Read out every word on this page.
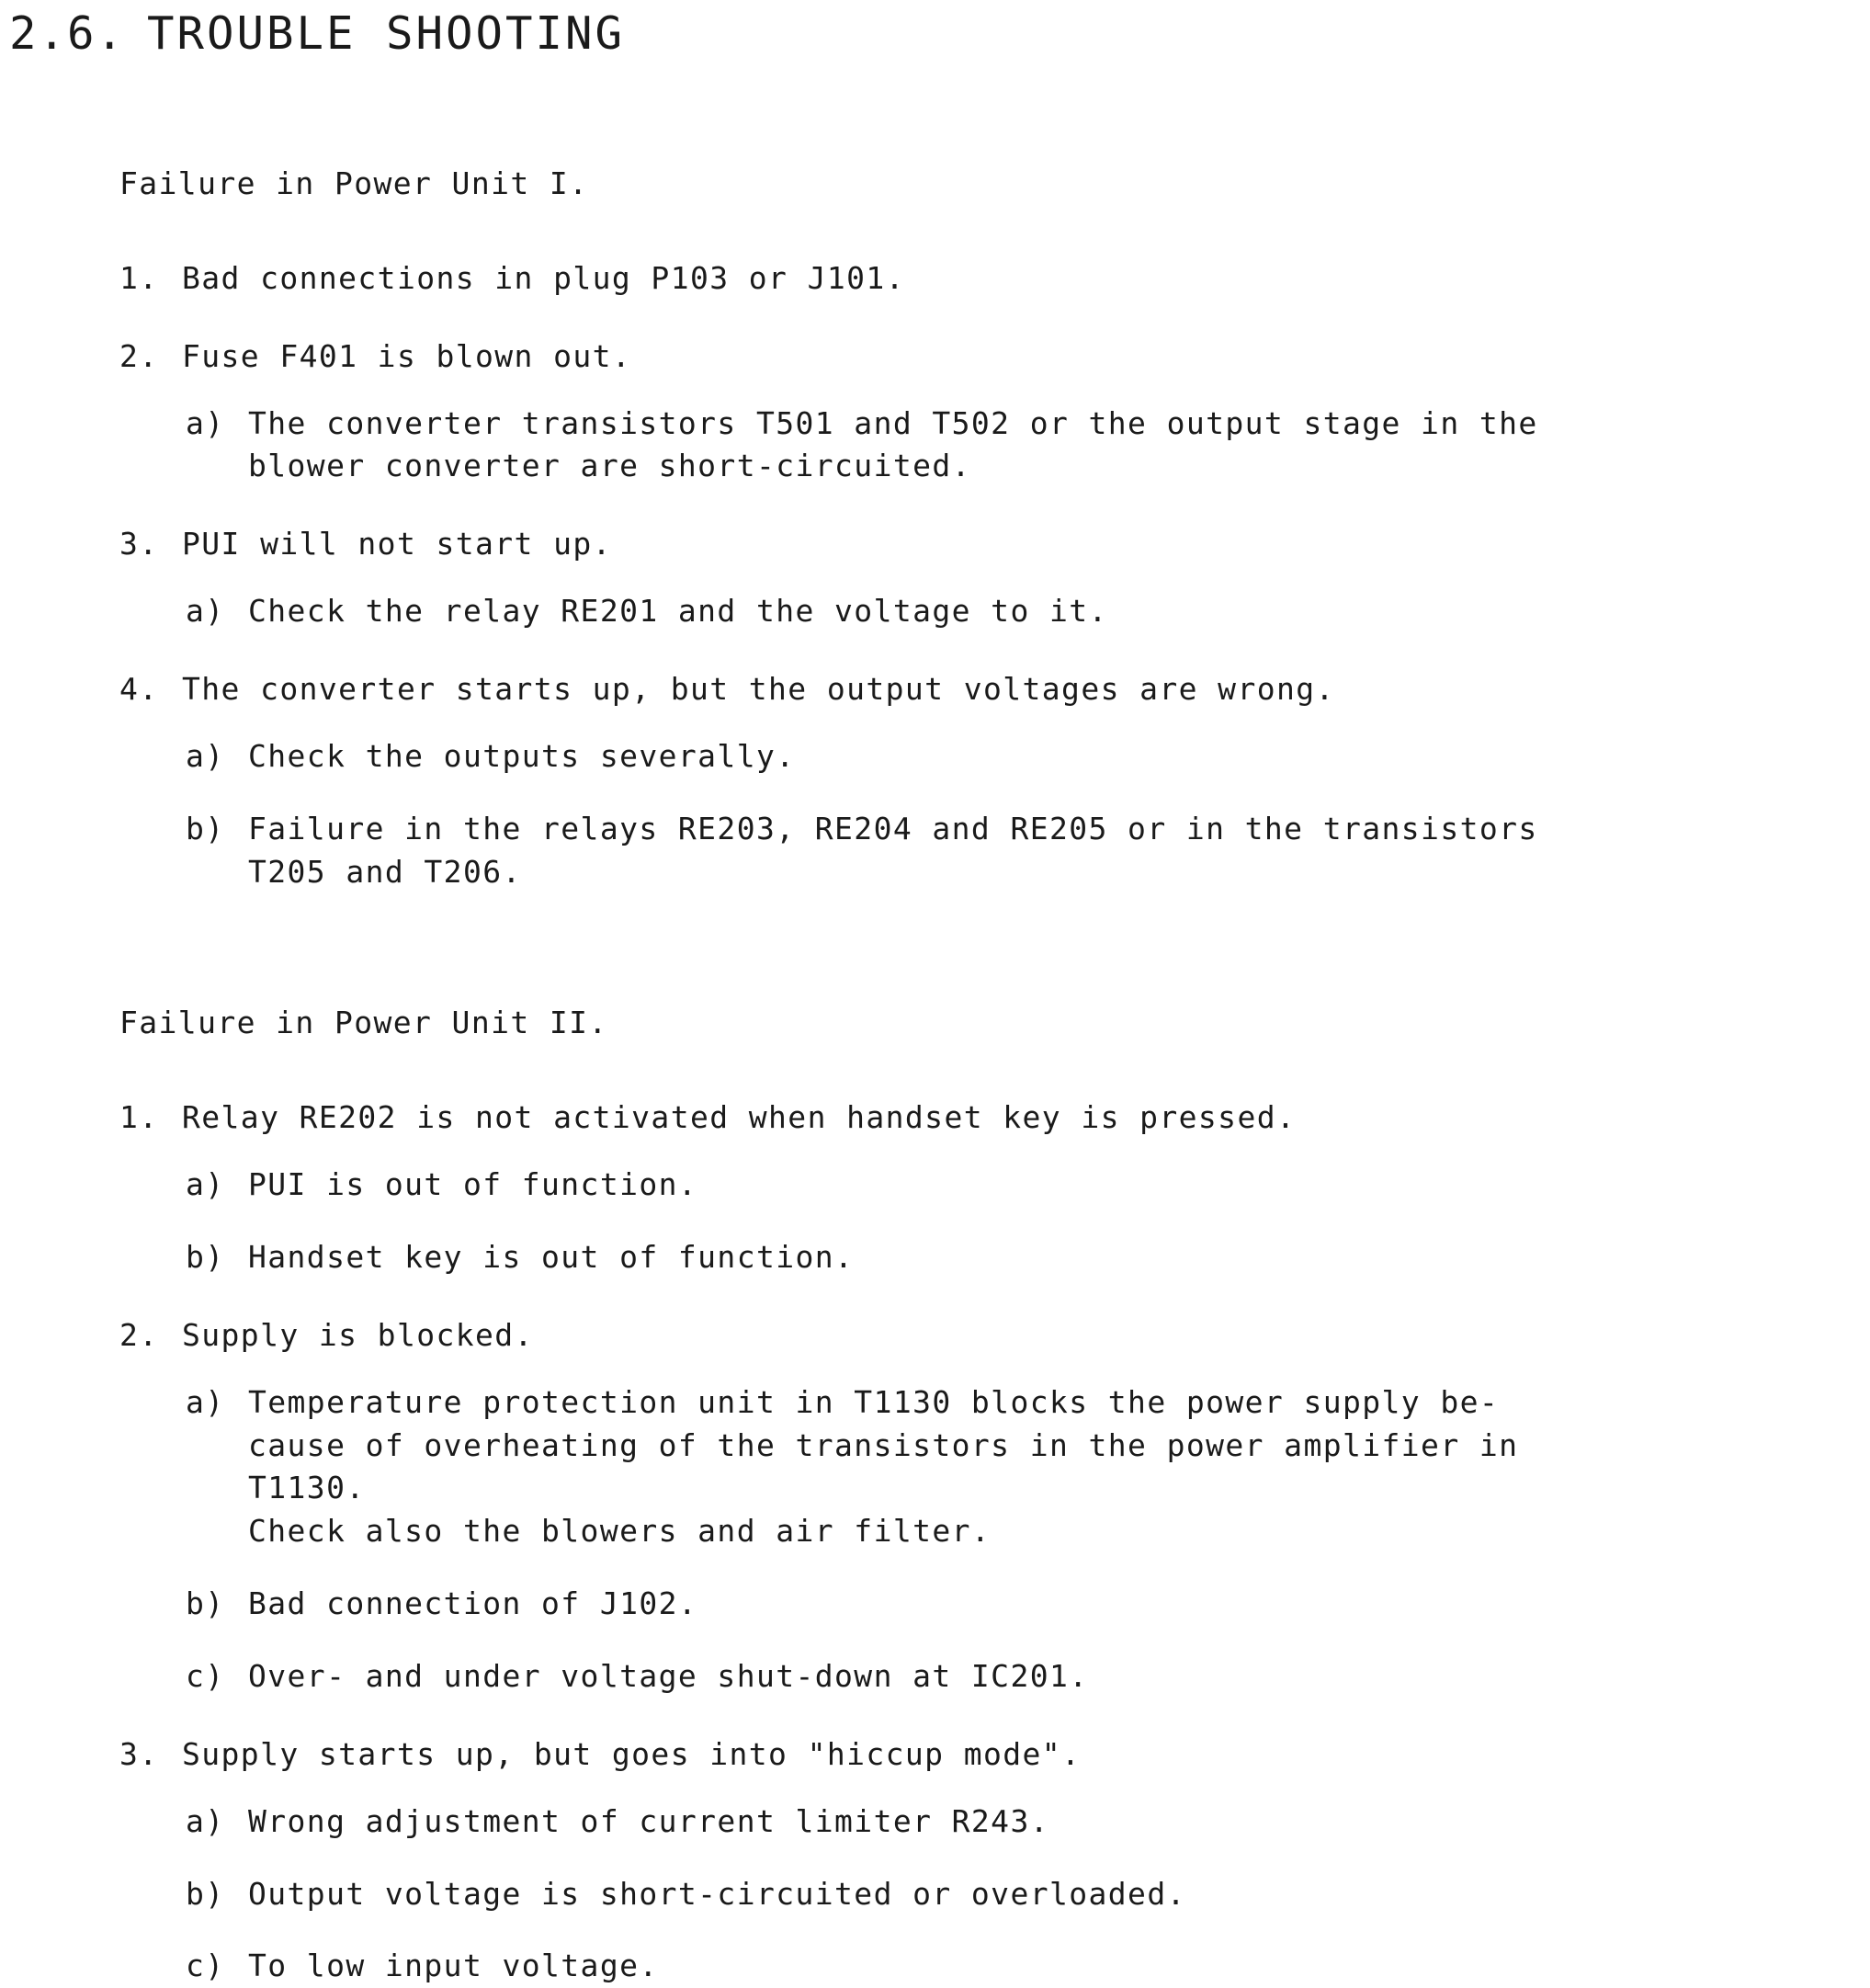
2.6. TROUBLE SHOOTING
Failure in Power Unit I.
1. Bad connections in plug P103 or J101.
2. Fuse F401 is blown out.
a) The converter transistors T501 and T502 or the output stage in the
blower converter are short-circuited.
3. PUI will not start up.
a) Check the relay RE201 and the voltage to it.
4. The converter starts up, but the output voltages are wrong.
a) Check the outputs severally.
b) Failure in the relays RE203, RE204 and RE205 or in the transistors
T205 and T206.
Failure in Power Unit II.
1. Relay RE202 is not activated when handset key is pressed.
a) PUI is out of function.
b) Handset key is out of function.
2. Supply is blocked.
a) Temperature protection unit in T1130 blocks the power supply be-
cause of overheating of the transistors in the power amplifier in
T1130.
Check also the blowers and air filter.
b) Bad connection of J102.
c) Over- and under voltage shut-down at IC201.
3. Supply starts up, but goes into "hiccup mode".
a) Wrong adjustment of current limiter R243.
b) Output voltage is short-circuited or overloaded.
c) To low input voltage.
